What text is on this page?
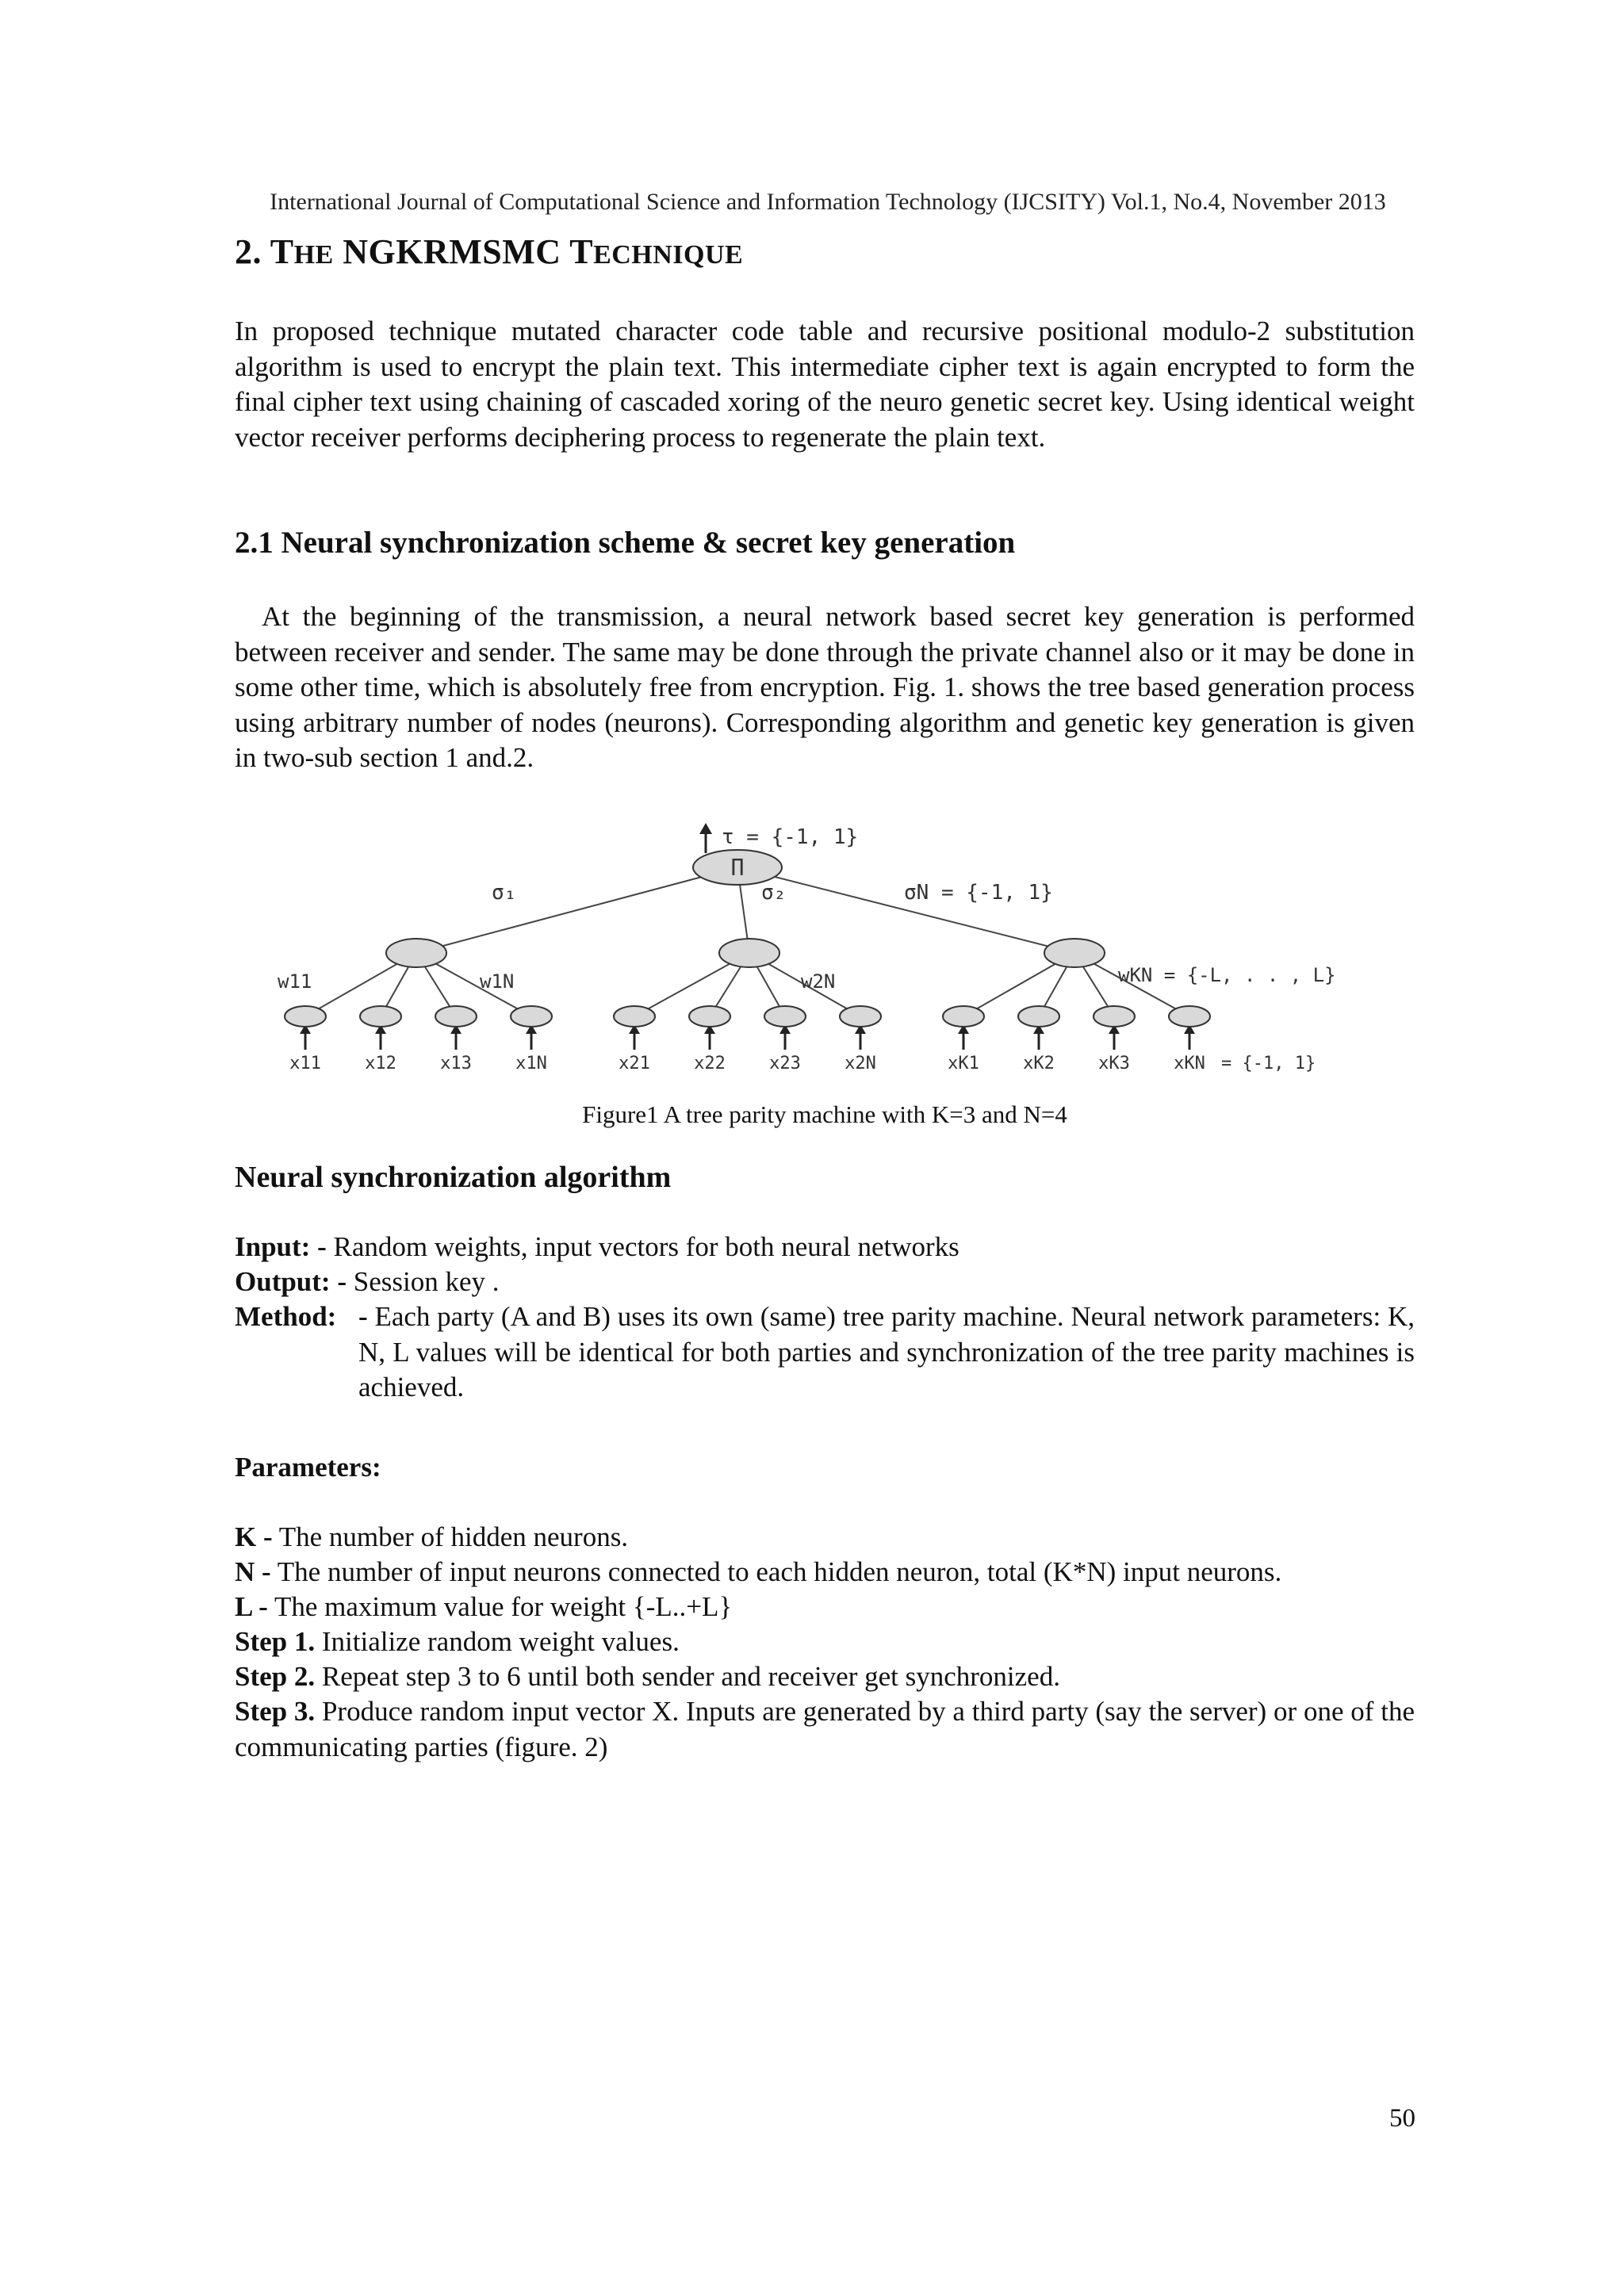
International Journal of Computational Science and Information Technology (IJCSITY) Vol.1, No.4, November 2013
2. THE NGKRMSMC TECHNIQUE

In proposed technique mutated character code table and recursive positional modulo-2 substitution algorithm is used to encrypt the plain text. This intermediate cipher text is again encrypted to form the final cipher text using chaining of cascaded xoring of the neuro genetic secret key. Using identical weight vector receiver performs deciphering process to regenerate the plain text.

2.1 Neural synchronization scheme & secret key generation

At the beginning of the transmission, a neural network based secret key generation is performed between receiver and sender. The same may be done through the private channel also or it may be done in some other time, which is absolutely free from encryption. Fig. 1. shows the tree based generation process using arbitrary number of nodes (neurons). Corresponding algorithm and genetic key generation is given in two-sub section 1 and.2.

Π
τ = {-1, 1}
σ₁	σ₂	σN = {-1, 1}
w11	w1N	w2N	wKN = {-L, . . , L}
x11	x12	x13	x1N	x21	x22	x23	x2N	xK1	xK2	xK3	xKN = {-1, 1}
Figure1 A tree parity machine with K=3 and N=4
Neural synchronization algorithm
Input: - Random weights, input vectors for both neural networks
Output: - Session key .
Method: - Each party (A and B) uses its own (same) tree parity machine. Neural network parameters: K, N, L values will be identical for both parties and synchronization of the tree parity machines is achieved.
Parameters:
K - The number of hidden neurons.
N - The number of input neurons connected to each hidden neuron, total (K*N) input neurons.
L - The maximum value for weight {-L..+L}
Step 1. Initialize random weight values.
Step 2. Repeat step 3 to 6 until both sender and receiver get synchronized.
Step 3. Produce random input vector X. Inputs are generated by a third party (say the server) or one of the communicating parties (figure. 2)
50
